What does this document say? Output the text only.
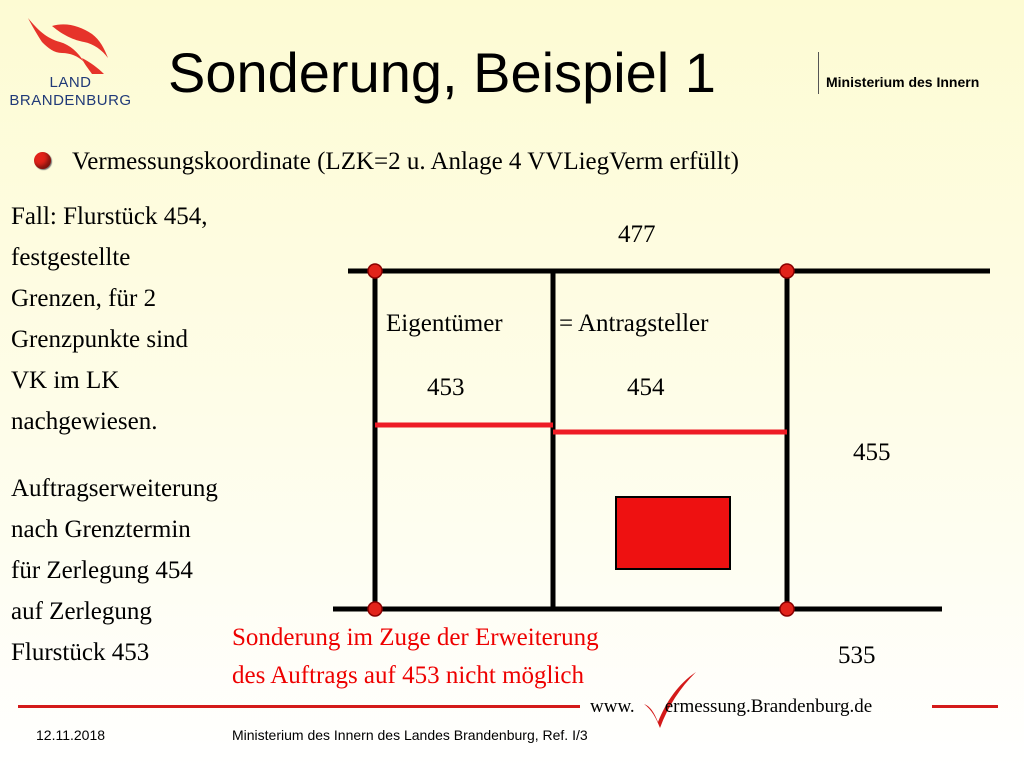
LAND
BRANDENBURG Sonderung, Beispiel 1	Ministerium des Innern
Vermessungskoordinate (LZK=2 u. Anlage 4 VVLiegVerm erfüllt)
Fall: Flurstück 454,
festgestellte
Grenzen, für 2
Grenzpunkte sind
VK im LK
nachgewiesen.
Auftragserweiterung
nach Grenztermin
für Zerlegung 454
auf Zerlegung
Flurstück 453
477
Eigentümer = Antragsteller
453	454
455
535
Sonderung im Zuge der Erweiterung
des Auftrags auf 453 nicht möglich
www. ermessung.Brandenburg.de
12.11.2018	Ministerium des Innern des Landes Brandenburg, Ref. I/3
